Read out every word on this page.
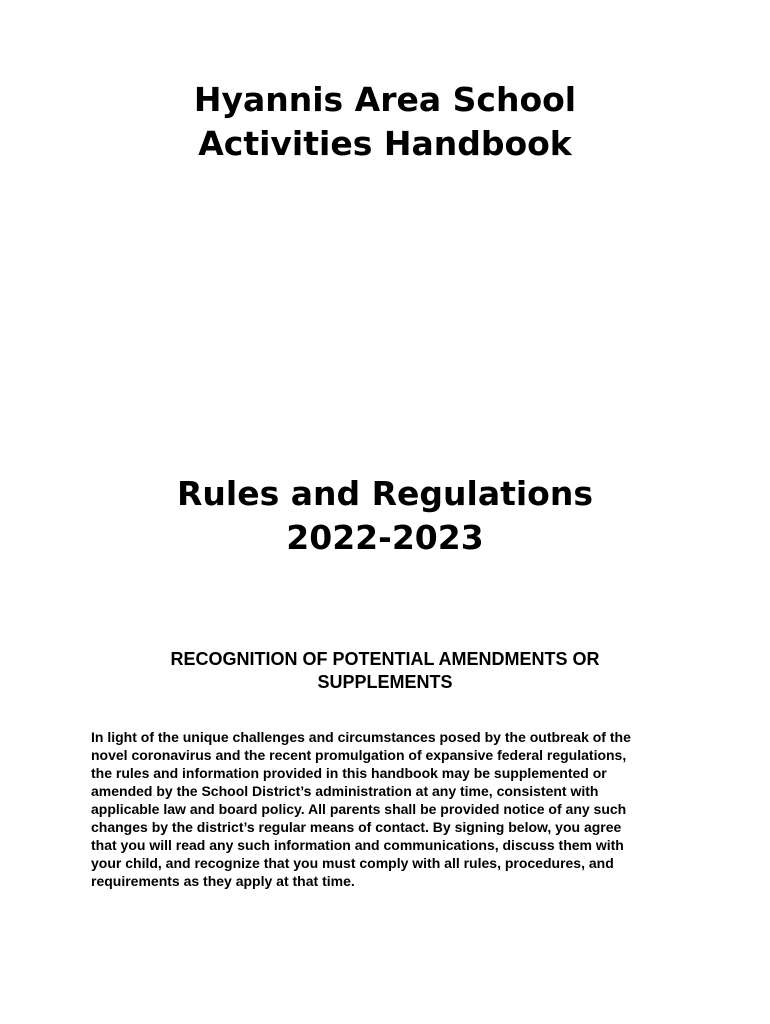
Hyannis Area School
Activities Handbook
Rules and Regulations
2022-2023
RECOGNITION OF POTENTIAL AMENDMENTS OR
SUPPLEMENTS

In light of the unique challenges and circumstances posed by the outbreak of the
novel coronavirus and the recent promulgation of expansive federal regulations,
the rules and information provided in this handbook may be supplemented or
amended by the School District’s administration at any time, consistent with
applicable law and board policy. All parents shall be provided notice of any such
changes by the district’s regular means of contact. By signing below, you agree
that you will read any such information and communications, discuss them with
your child, and recognize that you must comply with all rules, procedures, and
requirements as they apply at that time.
